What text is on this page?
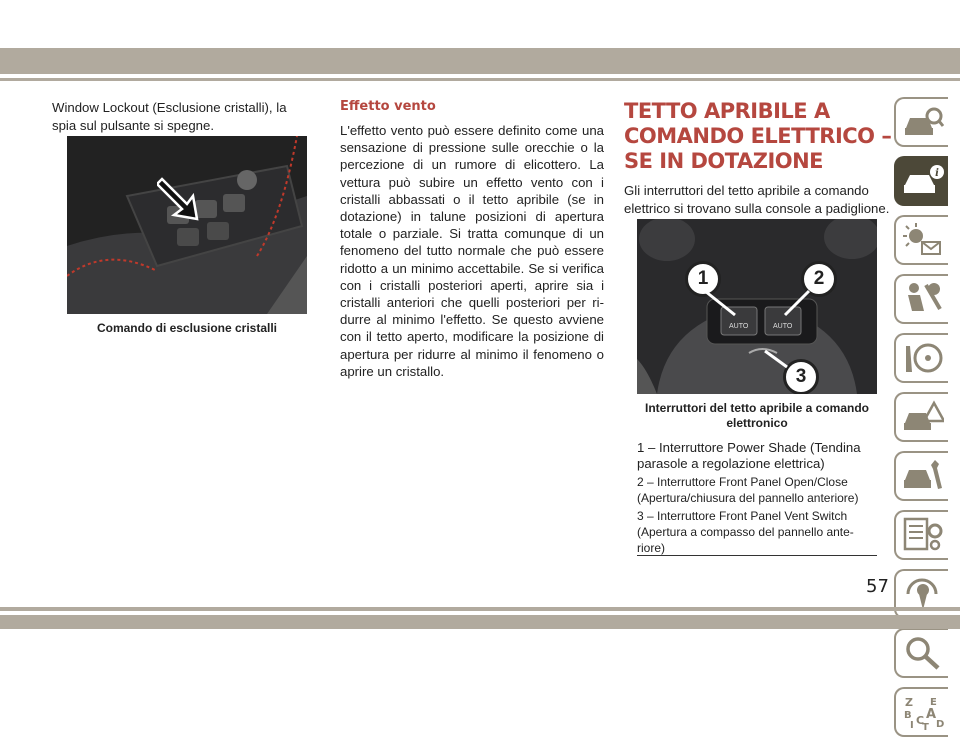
Window Lockout (Esclusione cristalli), la spia sul pulsante si spegne.

Comando di esclusione cristalli
Effetto vento

L'effetto vento può essere definito come una sensazione di pressione sulle orecchie o la percezione di un rumore di elicottero. La vettura può subire un effetto vento con i cristalli abbassati o il tetto apribile (se in dotazione) in talune posizioni di apertura totale o parziale. Si tratta comunque di un fenomeno del tutto normale che può essere ridotto a un minimo accettabile. Se si verifica con i cristalli posteriori aperti, aprire sia i cristalli anteriori che quelli posteriori per ri-durre al minimo l'effetto. Se questo avviene con il tetto aperto, modificare la posizione di apertura per ridurre al minimo il fenomeno o aprire un cristallo.

TETTO APRIBILE A COMANDO ELETTRICO – SE IN DOTAZIONE

Gli interruttori del tetto apribile a comando elettrico si trovano sulla console a padiglione.

AUTO	AUTO
1	2
3
Interruttori del tetto apribile a comando elettronico
1 – Interruttore Power Shade (Tendina parasole a regolazione elettrica)
2 – Interruttore Front Panel Open/Close (Apertura/chiusura del pannello anteriore)
3 – Interruttore Front Panel Vent Switch (Apertura a compasso del pannello ante-riore)
i
Z E
B A
I C
T D
57
